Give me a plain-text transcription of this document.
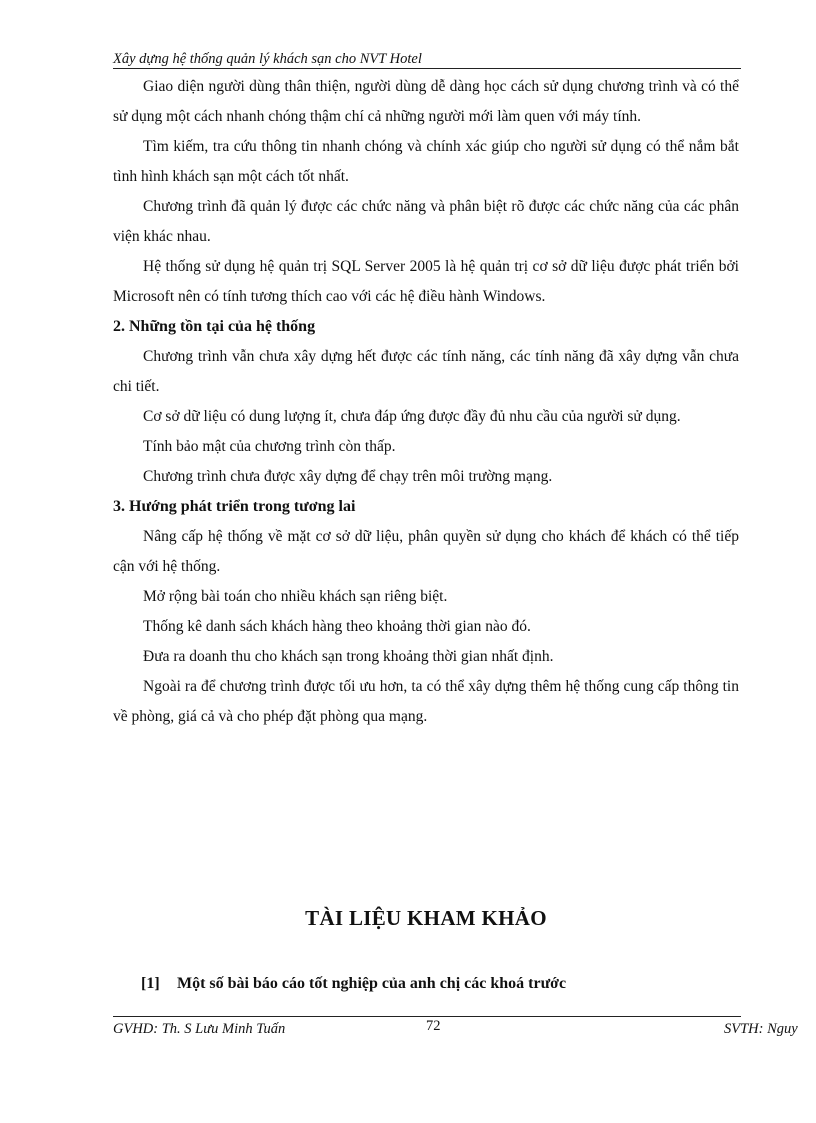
Xây dựng hệ thống quản lý khách sạn cho NVT Hotel

Giao diện người dùng thân thiện, người dùng dễ dàng học cách sử dụng chương trình và có thể sử dụng một cách nhanh chóng thậm chí cả những người mới làm quen với máy tính.

Tìm kiếm, tra cứu thông tin nhanh chóng và chính xác giúp cho người sử dụng có thể nắm bắt tình hình khách sạn một cách tốt nhất.

Chương trình đã quản lý được các chức năng và phân biệt rõ được các chức năng của các phân viện khác nhau.

Hệ thống sử dụng hệ quản trị SQL Server 2005 là hệ quản trị cơ sở dữ liệu được phát triển bởi Microsoft nên có tính tương thích cao với các hệ điều hành Windows.

2. Những tồn tại của hệ thống

Chương trình vẫn chưa xây dựng hết được các tính năng, các tính năng đã xây dựng vẫn chưa chi tiết.

Cơ sở dữ liệu có dung lượng ít, chưa đáp ứng được đầy đủ nhu cầu của người sử dụng.

Tính bảo mật của chương trình còn thấp.

Chương trình chưa được xây dựng để chạy trên môi trường mạng.

3. Hướng phát triển trong tương lai

Nâng cấp hệ thống về mặt cơ sở dữ liệu, phân quyền sử dụng cho khách để khách có thể tiếp cận với hệ thống.

Mở rộng bài toán cho nhiều khách sạn riêng biệt.

Thống kê danh sách khách hàng theo khoảng thời gian nào đó.

Đưa ra doanh thu cho khách sạn trong khoảng thời gian nhất định.

Ngoài ra để chương trình được tối ưu hơn, ta có thể xây dựng thêm hệ thống cung cấp thông tin về phòng, giá cả và cho phép đặt phòng qua mạng.

TÀI LIỆU KHAM KHẢO
[1] Một số bài báo cáo tốt nghiệp của anh chị các khoá trước
GVHD: Th. S Lưu Minh Tuấn	72	SVTH: Nguy
